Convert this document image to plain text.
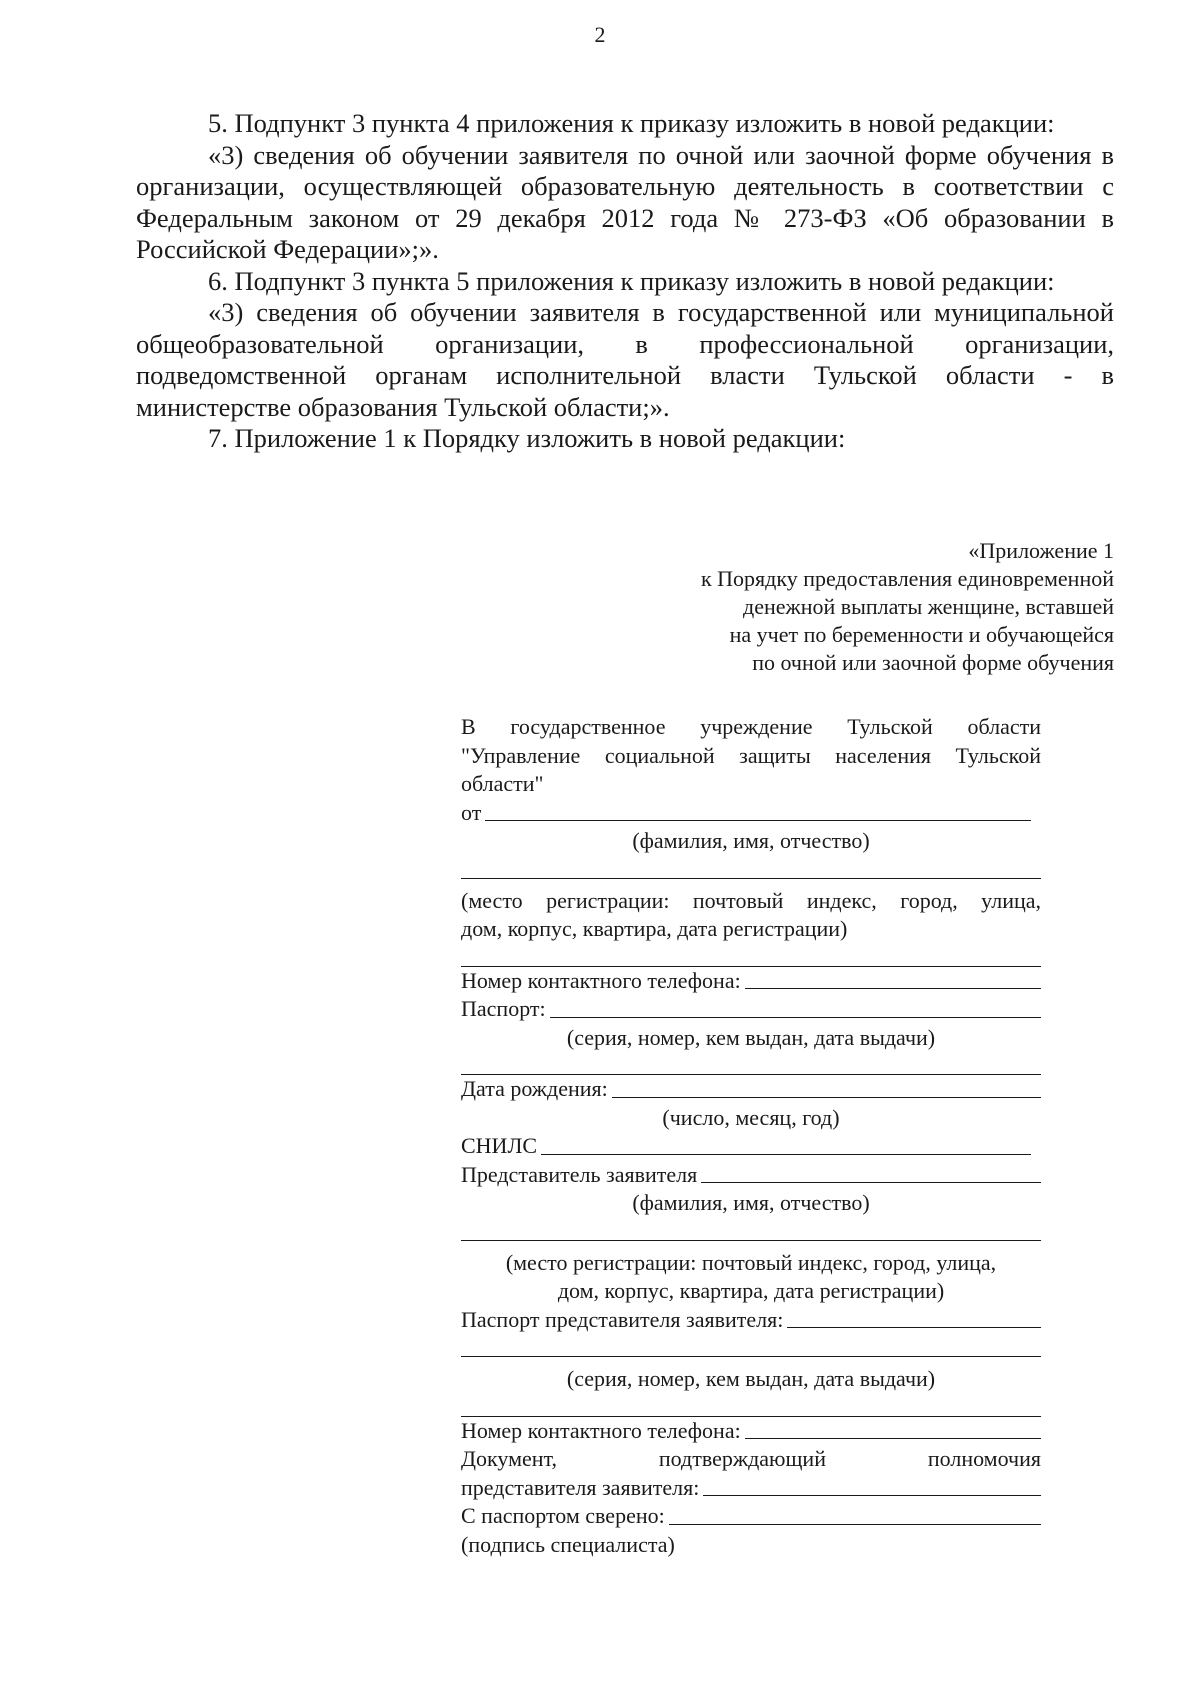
2

5. Подпункт 3 пункта 4 приложения к приказу изложить в новой редакции:

«3) сведения об обучении заявителя по очной или заочной форме обучения в организации, осуществляющей образовательную деятельность в соответствии с Федеральным законом от 29 декабря 2012 года № 273-ФЗ «Об образовании в Российской Федерации»;».

6. Подпункт 3 пункта 5 приложения к приказу изложить в новой редакции:

«3) сведения об обучении заявителя в государственной или муниципальной общеобразовательной организации, в профессиональной организации, подведомственной органам исполнительной власти Тульской области - в министерстве образования Тульской области;».

7. Приложение 1 к Порядку изложить в новой редакции:

«Приложение 1
к Порядку предоставления единовременной
денежной выплаты женщине, вставшей
на учет по беременности и обучающейся
по очной или заочной форме обучения
В государственное учреждение Тульской области "Управление социальной защиты населения Тульской области"
от
(фамилия, имя, отчество)
(место регистрации: почтовый индекс, город, улица,
дом, корпус, квартира, дата регистрации)
Номер контактного телефона:
Паспорт:
(серия, номер, кем выдан, дата выдачи)
Дата рождения:
(число, месяц, год)
СНИЛС
Представитель заявителя
(фамилия, имя, отчество)
(место регистрации: почтовый индекс, город, улица,
дом, корпус, квартира, дата регистрации)
Паспорт представителя заявителя:
(серия, номер, кем выдан, дата выдачи)
Номер контактного телефона:
Документ, подтверждающий полномочия
представителя заявителя:
С паспортом сверено:
(подпись специалиста)
